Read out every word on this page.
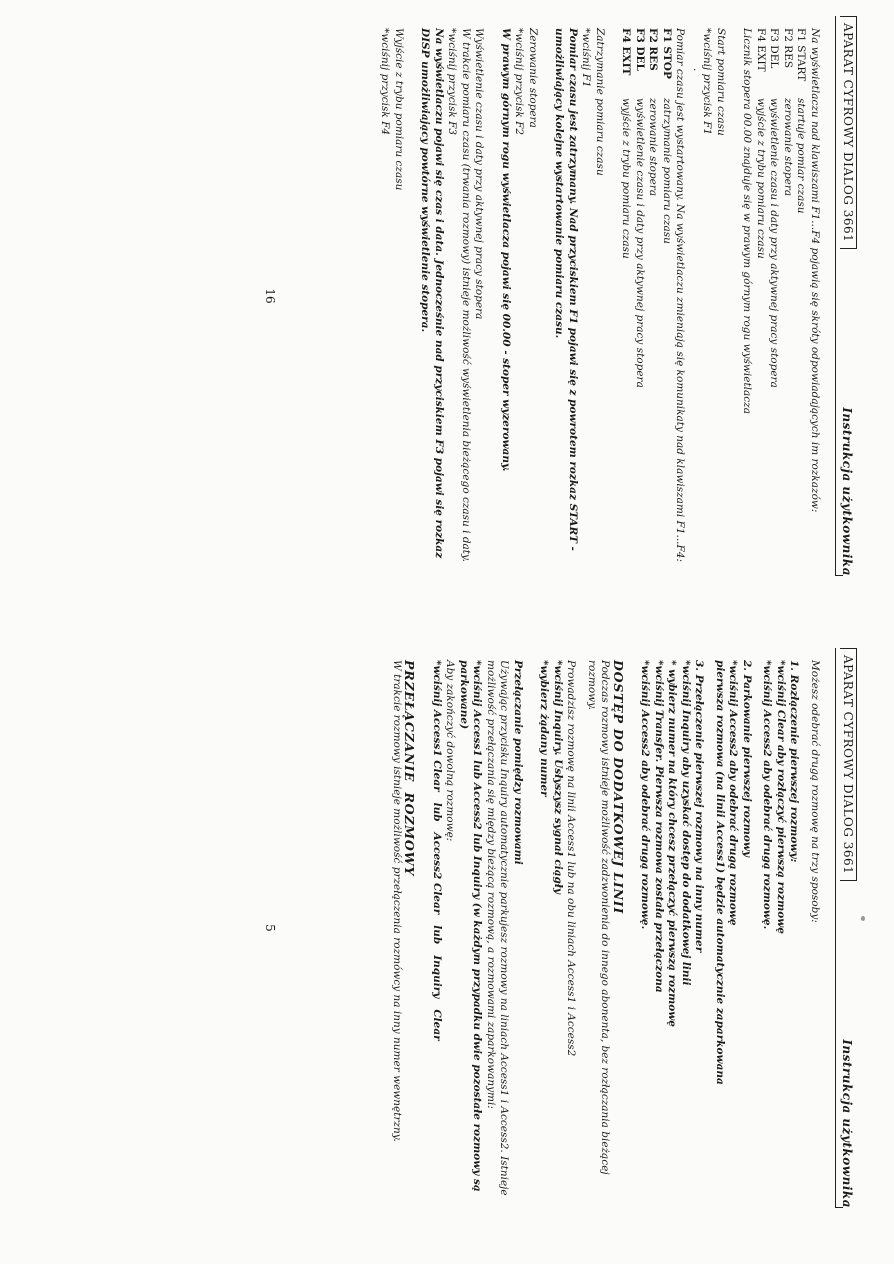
APARAT CYFROWY DIALOG 3661
Instrukcja użytkownika

Na wyświetlaczu nad klawiszami F1...F4 pojawią się skróty odpowiadających im rozkazów:

F1 START
startuje pomiar czasu
F2 RES
zerowanie stopera
F3 DEL
wyświetlenie czasu i daty przy aktywnej pracy stopera
F4 EXIT
wyjście z trybu pomiaru czasu

Licznik stopera 00.00 znajduje się w prawym górnym rogu wyświetlacza

Start pomiaru czasu

*wciśnij przycisk F1

·

Pomiar czasu jest wystartowany. Na wyświetlaczu zmieniają się komunikaty nad klawiszami F1...F4:

F1 STOP
zatrzymanie pomiaru czasu
F2 RES
zerowanie stopera
F3 DEL
wyświetlenie czasu i daty przy aktywnej pracy stopera
F4 EXIT
wyjście z trybu pomiaru czasu

Zatrzymanie pomiaru czasu

*wciśnij F1

Pomiar czasu jest zatrzymany. Nad przyciskiem F1 pojawi się z powrotem rozkaz START - umożliwiający kolejne wystartowanie pomiaru czasu.

Zerowanie stopera

*wciśnij przycisk F2

W prawym górnym rogu wyświetlacza pojawi się 00.00 - stoper wyzerowany.

Wyświetlenie czasu i daty przy aktywnej pracy stopera

W trakcie pomiaru czasu (trwania rozmowy) istnieje możliwość wyświetlenia bieżącego czasu i daty.

*wciśnij przycisk F3

Na wyświetlaczu pojawi się czas i data. Jednocześnie nad przyciskiem F3 pojawi się rozkaz DISP umożliwiający powtórne wyświetlenie stopera.

Wyjście z trybu pomiaru czasu

*wciśnij przycisk F4

16
APARAT CYFROWY DIALOG 3661
Instrukcja użytkownika

Możesz odebrać drugą rozmowę na trzy sposoby:

1. Rozłączenie pierwszej rozmowy:

*wciśnij Clear aby rozłączyć pierwszą rozmowę

*wciśnij Access2 aby odebrać drugą rozmowę.

2. Parkowanie pierwszej rozmowy

*wciśnij Access2 aby odebrać drugą rozmowę

pierwsza rozmowa (na linii Access1) będzie automatycznie zaparkowana

3. Przełączenie pierwszej rozmowy na inny numer

*wciśnij Inquiry aby uzyskać dostęp do dodatkowej linii

* wybierz numer na który chcesz przełączyć pierwszą rozmowę

*wciśnij Transfer. Pierwsza rozmowa została przełączona

*wciśnij Access2 aby odebrać drugą rozmowę.

DOSTĘP DO DODATKOWEJ LINII

Podczas rozmowy istnieje możliwość zadzwonienia do innego abonenta, bez rozłączania bieżącej rozmowy.

Prowadzisz rozmowę na linii Access1 lub na obu liniach Access1 i Access2

*wciśnij Inquiry. Usłyszysz sygnał ciągły

*wybierz żądany numer

Przełączanie pomiędzy rozmowami

Używając przycisku Inquiry automatycznie parkujesz rozmowy na liniach Access1 i Access2. Istnieje możliwość przełączania się między bieżącą rozmową, a rozmowami zaparkowanymi:

*wciśnij Access1 lub Access2 lub Inquiry (w każdym przypadku dwie pozostałe rozmowy są parkowane)

Aby zakończyć dowolną rozmowę:

*wciśnij Access1 Clear   lub   Access2 Clear   lub   Inquiry   Clear

PRZEŁĄCZANIE  ROZMOWY

W trakcie rozmowy istnieje możliwość przełączenia rozmówcy na inny numer wewnętrzny.

5
